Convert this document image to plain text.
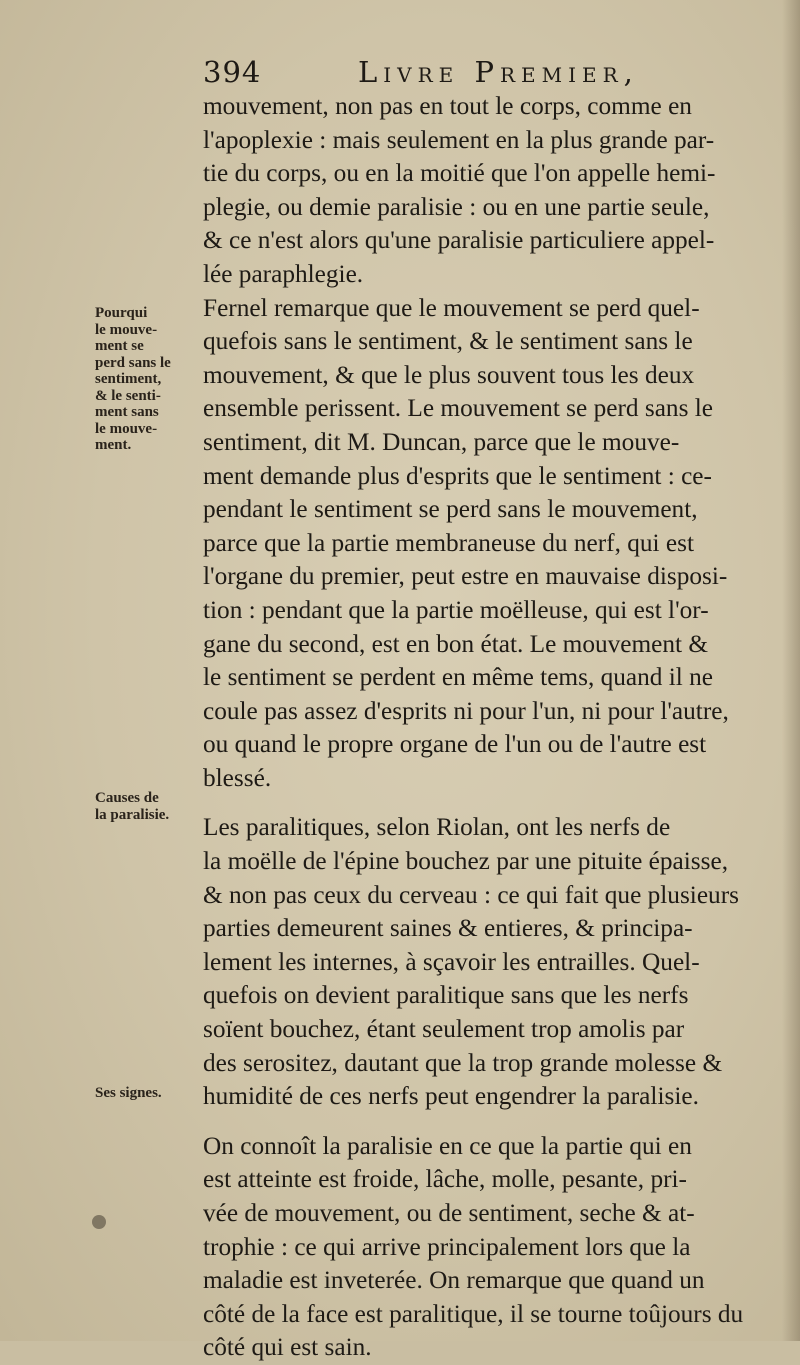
394	Livre Premier,
Pourqui
le mouve-
ment se
perd sans le
sentiment,
& le senti-
ment sans
le mouve-
ment.
Causes de
la paralisie.
Ses signes.
mouvement, non pas en tout le corps, comme en
l'apoplexie : mais seulement en la plus grande par-
tie du corps, ou en la moitié que l'on appelle hemi-
plegie, ou demie paralisie : ou en une partie seule,
& ce n'est alors qu'une paralisie particuliere appel-
lée paraphlegie.
Fernel remarque que le mouvement se perd quel-
quefois sans le sentiment, & le sentiment sans le
mouvement, & que le plus souvent tous les deux
ensemble perissent. Le mouvement se perd sans le
sentiment, dit M. Duncan, parce que le mouve-
ment demande plus d'esprits que le sentiment : ce-
pendant le sentiment se perd sans le mouvement,
parce que la partie membraneuse du nerf, qui est
l'organe du premier, peut estre en mauvaise disposi-
tion : pendant que la partie moëlleuse, qui est l'or-
gane du second, est en bon état. Le mouvement &
le sentiment se perdent en même tems, quand il ne
coule pas assez d'esprits ni pour l'un, ni pour l'autre,
ou quand le propre organe de l'un ou de l'autre est
blessé.
Les paralitiques, selon Riolan, ont les nerfs de
la moëlle de l'épine bouchez par une pituite épaisse,
& non pas ceux du cerveau : ce qui fait que plusieurs
parties demeurent saines & entieres, & principa-
lement les internes, à sçavoir les entrailles. Quel-
quefois on devient paralitique sans que les nerfs
soïent bouchez, étant seulement trop amolis par
des serositez, dautant que la trop grande molesse &
humidité de ces nerfs peut engendrer la paralisie.
On connoît la paralisie en ce que la partie qui en
est atteinte est froide, lâche, molle, pesante, pri-
vée de mouvement, ou de sentiment, seche & at-
trophie : ce qui arrive principalement lors que la
maladie est inveterée. On remarque que quand un
côté de la face est paralitique, il se tourne toûjours du
côté qui est sain.
